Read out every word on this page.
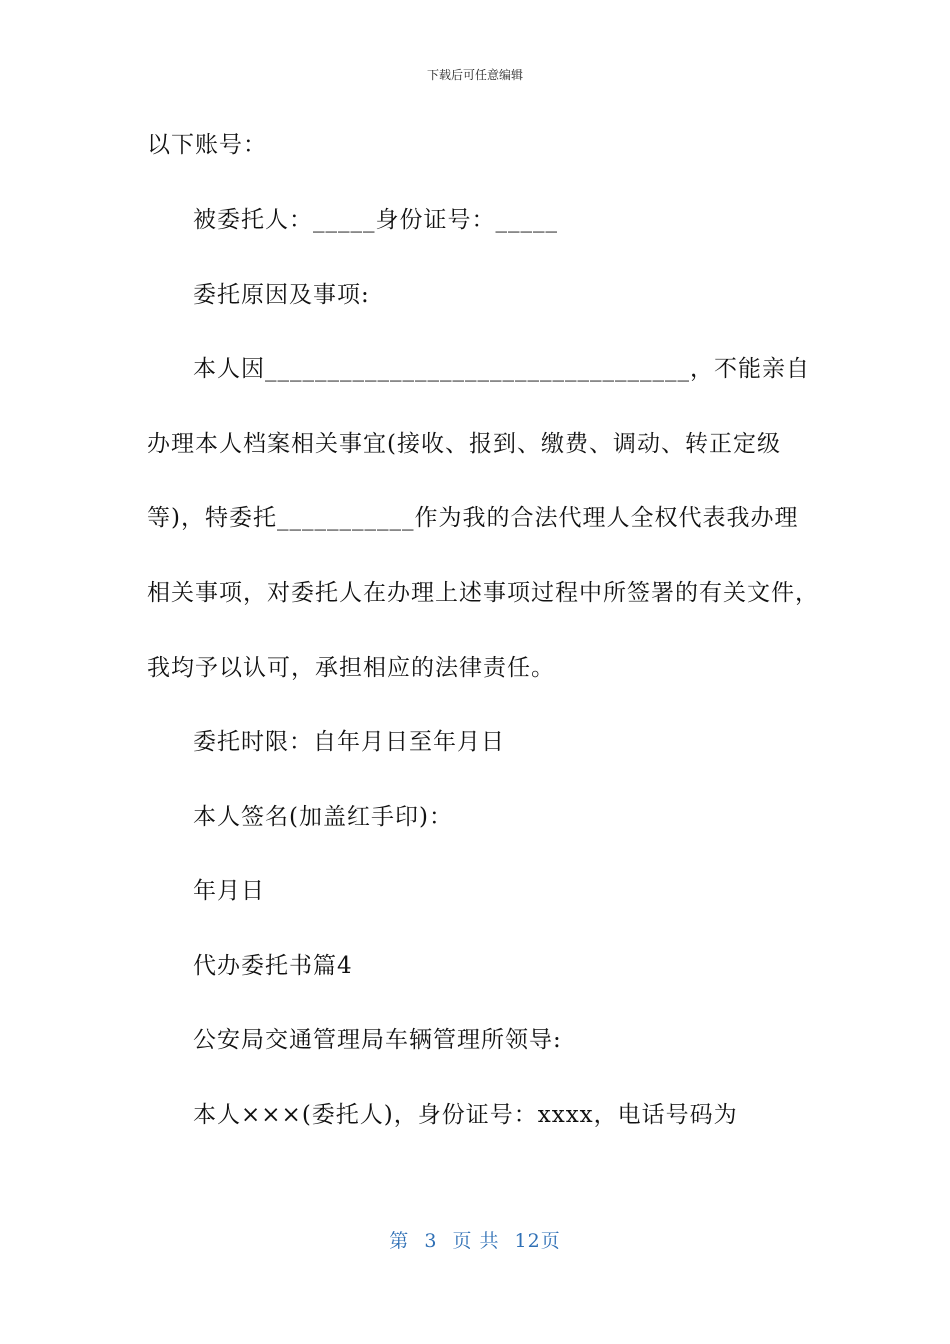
下载后可任意编辑
以下账号：
被委托人：_____身份证号：_____
委托原因及事项:
本人因__________________________________，不能亲自
办理本人档案相关事宜(接收、报到、缴费、调动、转正定级
等)，特委托___________作为我的合法代理人全权代表我办理
相关事项，对委托人在办理上述事项过程中所签署的有关文件，
我均予以认可，承担相应的法律责任。
委托时限：自年月日至年月日
本人签名(加盖红手印)：
年月日
代办委托书篇4
公安局交通管理局车辆管理所领导:
本人×××(委托人)，身份证号：xxxx，电话号码为
第 3 页 共 12页
